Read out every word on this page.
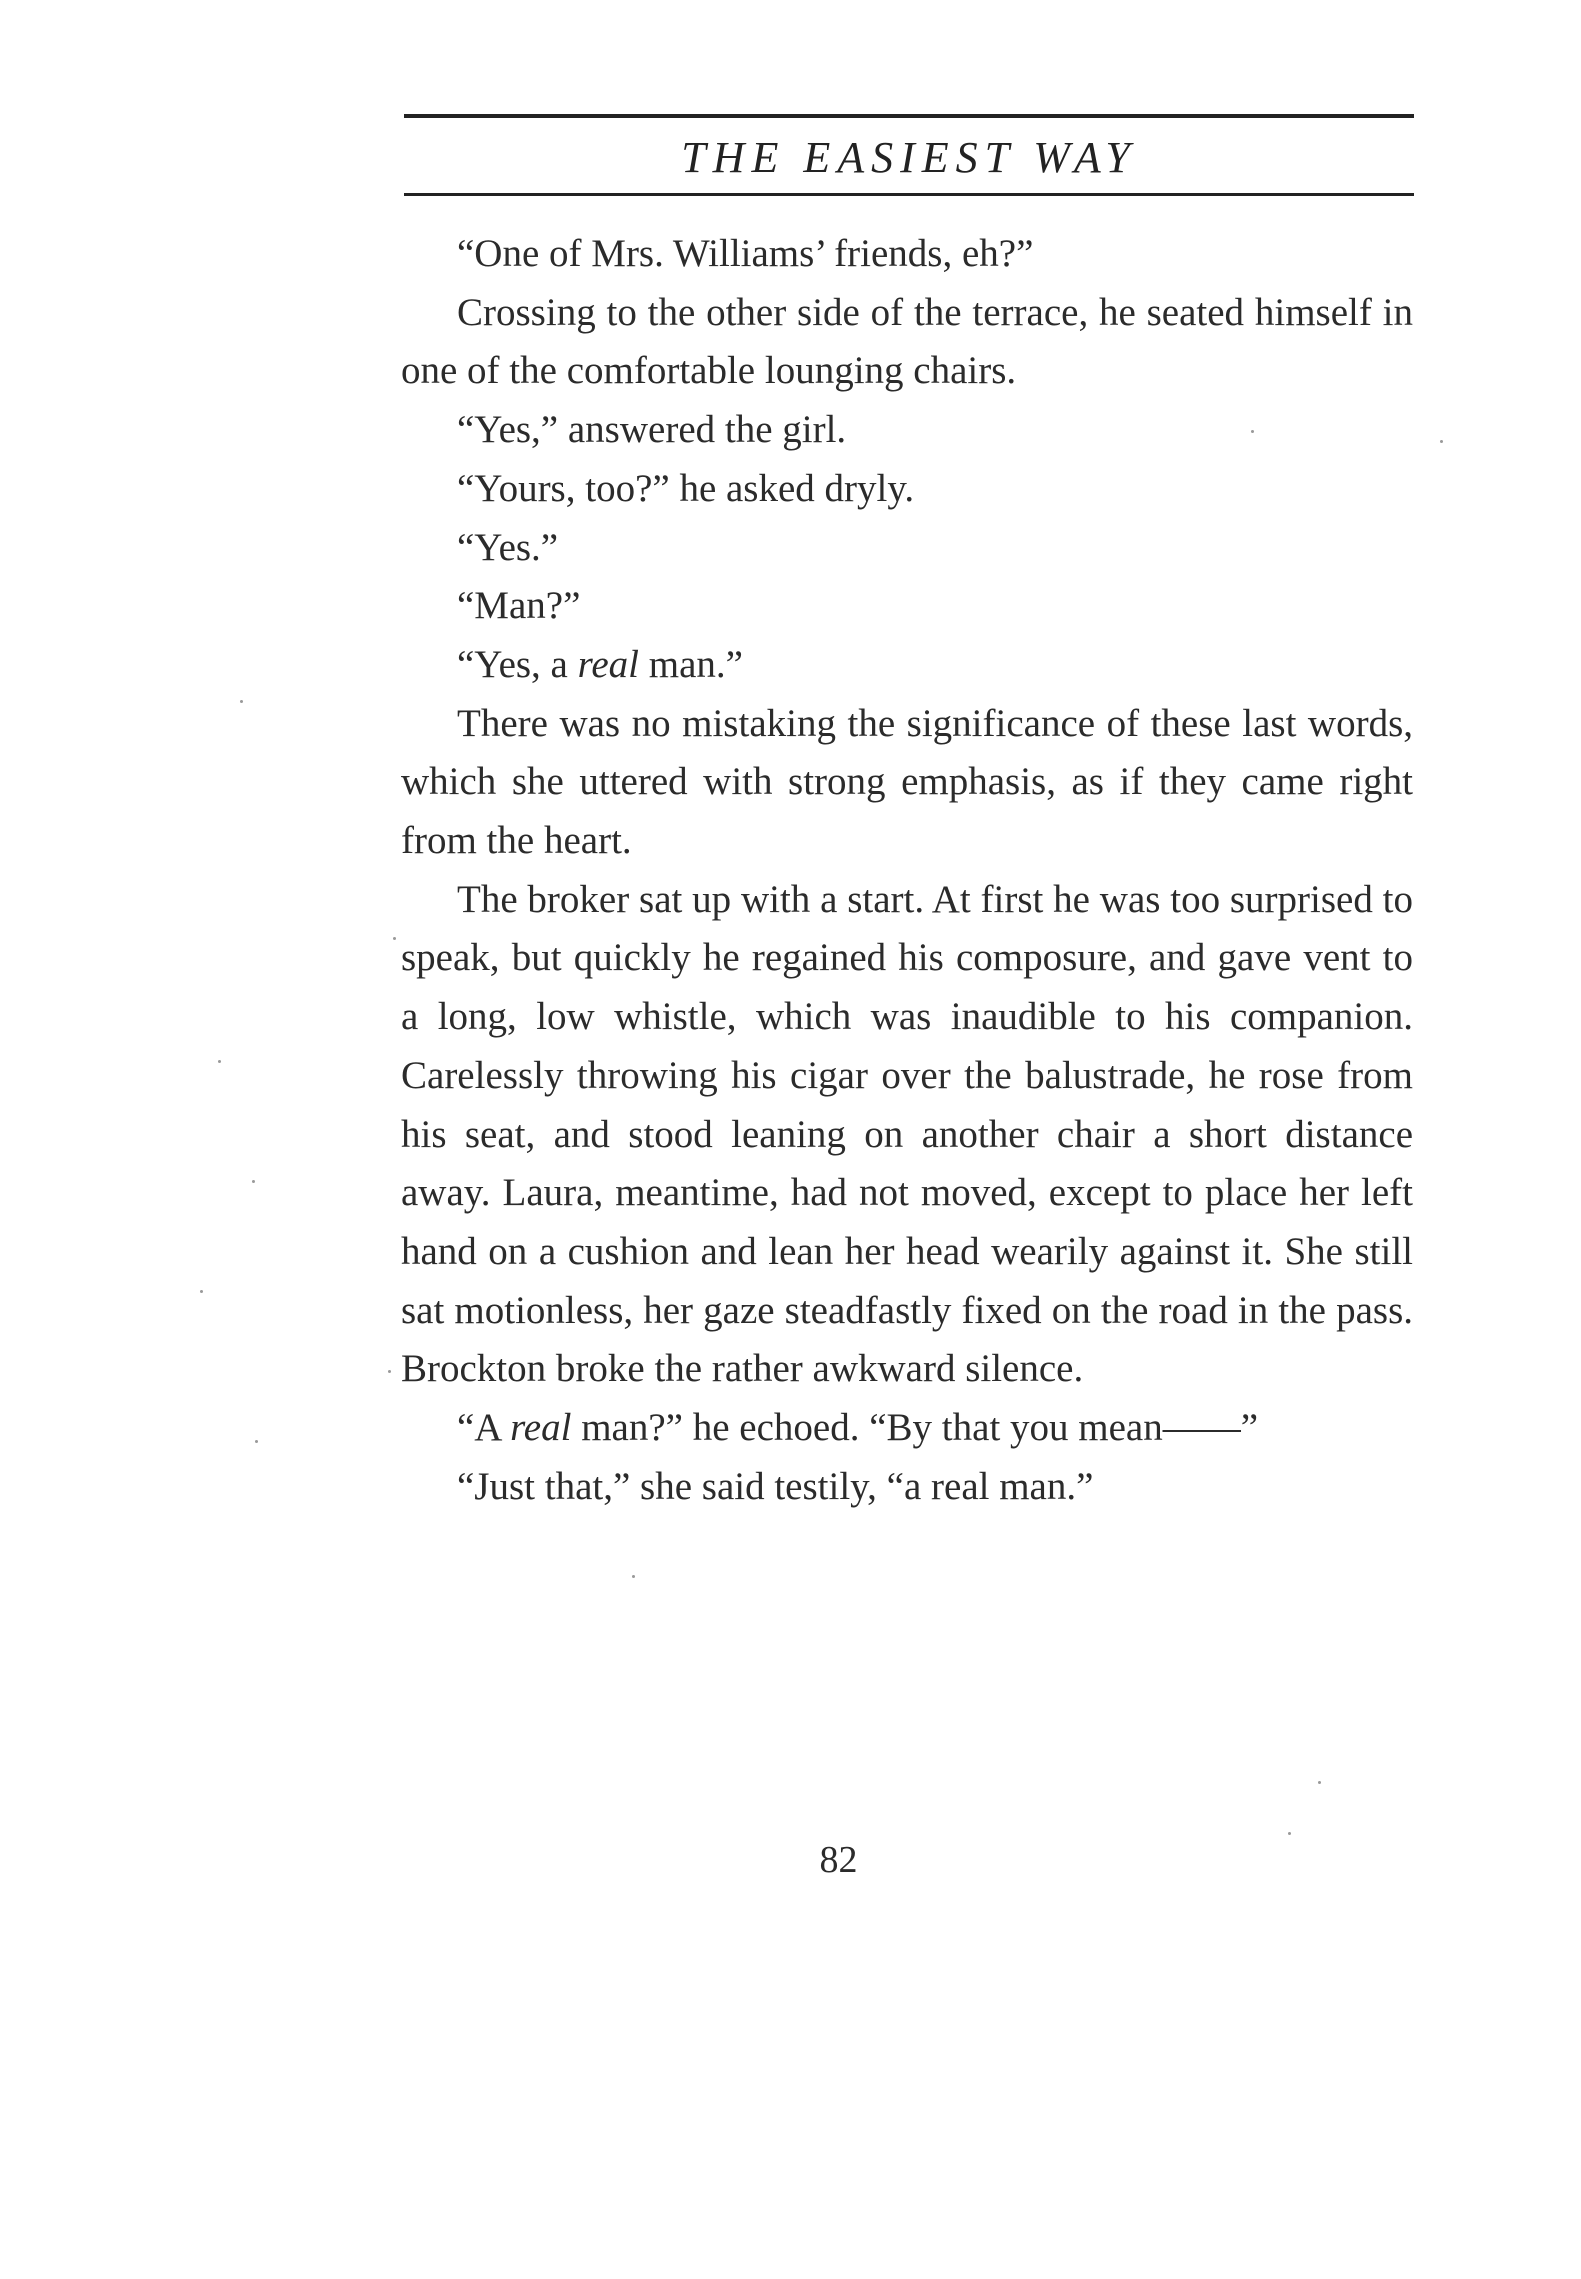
THE EASIEST WAY

“One of Mrs. Williams’ friends, eh?”

Crossing to the other side of the terrace, he seated himself in one of the comfortable lounging chairs.

“Yes,” answered the girl.

“Yours, too?” he asked dryly.

“Yes.”

“Man?”

“Yes, a real man.”

There was no mistaking the significance of these last words, which she uttered with strong emphasis, as if they came right from the heart.

The broker sat up with a start. At first he was too surprised to speak, but quickly he regained his composure, and gave vent to a long, low whistle, which was inaudible to his companion. Carelessly throwing his cigar over the balustrade, he rose from his seat, and stood leaning on another chair a short distance away. Laura, meantime, had not moved, except to place her left hand on a cushion and lean her head wearily against it. She still sat motionless, her gaze steadfastly fixed on the road in the pass. Brockton broke the rather awkward silence.

“A real man?” he echoed. “By that you mean——”

“Just that,” she said testily, “a real man.”

82
